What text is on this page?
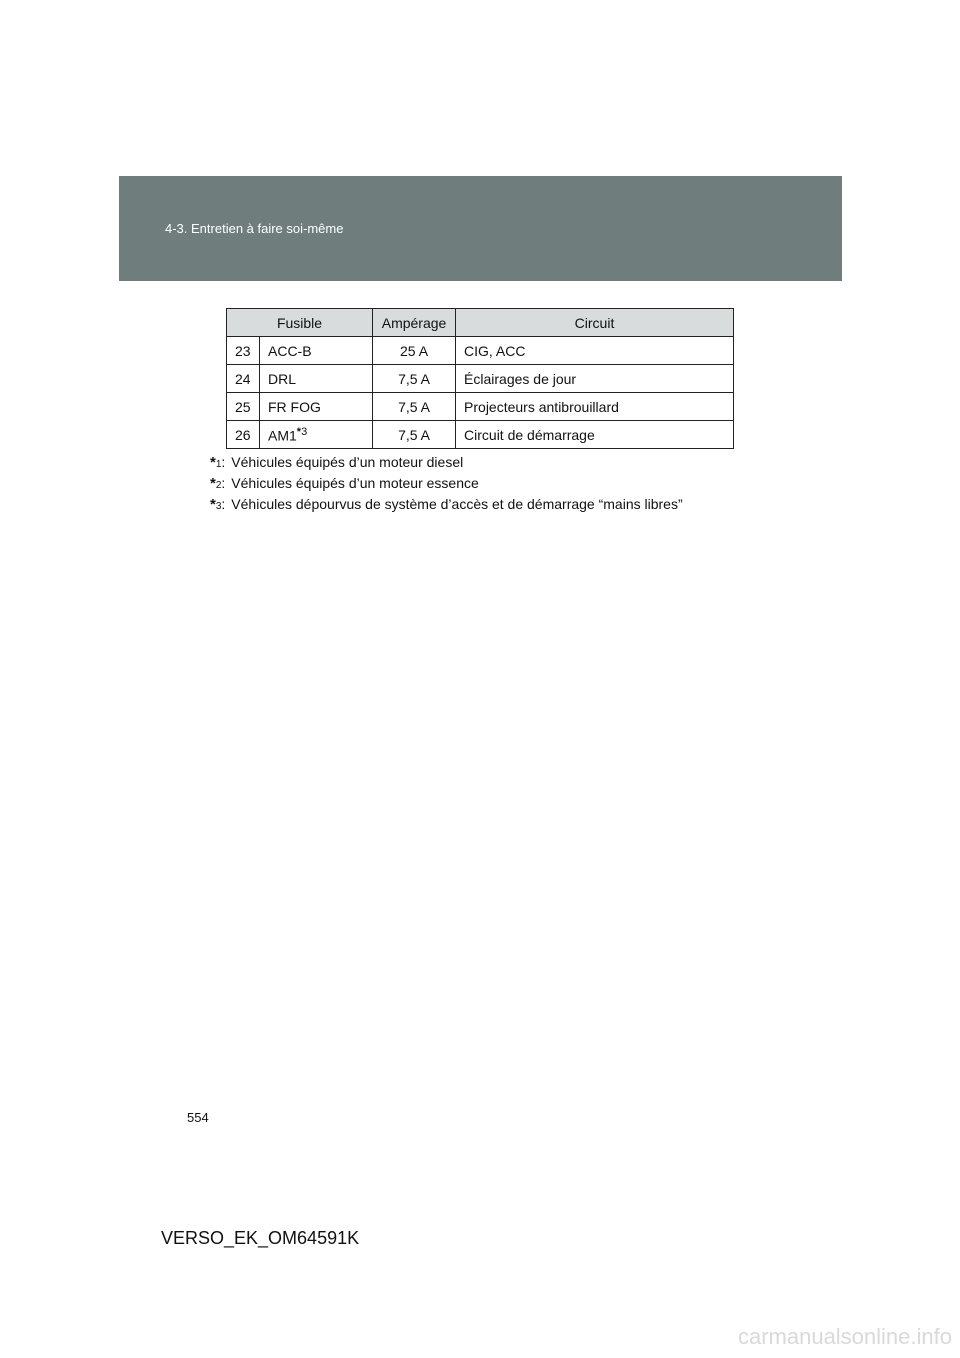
4-3. Entretien à faire soi-même
Fusible		Ampérage	Circuit
23	ACC-B	25 A	CIG, ACC
24	DRL	7,5 A	Éclairages de jour
25	FR FOG	7,5 A	Projecteurs antibrouillard
26	AM1$^{*3}$	7,5 A	Circuit de démarrage
* 1 : Véhicules équipés d’un moteur diesel
* 2 : Véhicules équipés d’un moteur essence
* 3 : Véhicules dépourvus de système d’accès et de démarrage “mains libres”
554
VERSO_EK_OM64591K
carmanualsonline.info
